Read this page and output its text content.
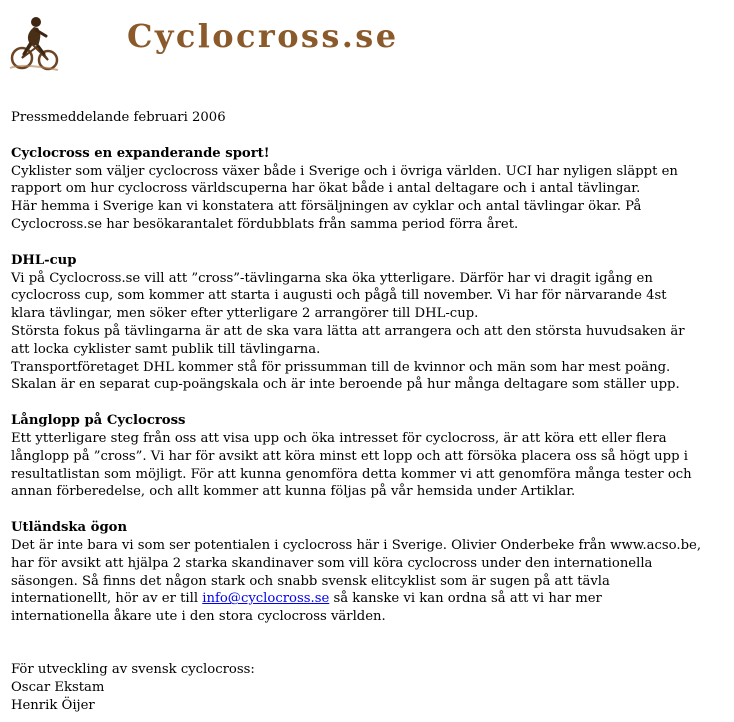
Cyclocross.se

Pressmeddelande februari 2006

Cyclocross en expanderande sport!

Cyklister som väljer cyclocross växer både i Sverige och i övriga världen. UCI har nyligen släppt en

rapport om hur cyclocross världscuperna har ökat både i antal deltagare och i antal tävlingar.

Här hemma i Sverige kan vi konstatera att försäljningen av cyklar och antal tävlingar ökar. På

Cyclocross.se har besökarantalet fördubblats från samma period förra året.

DHL-cup

Vi på Cyclocross.se vill att ”cross”-tävlingarna ska öka ytterligare. Därför har vi dragit igång en

cyclocross cup, som kommer att starta i augusti och pågå till november. Vi har för närvarande 4st

klara tävlingar, men söker efter ytterligare 2 arrangörer till DHL-cup.

Största fokus på tävlingarna är att de ska vara lätta att arrangera och att den största huvudsaken är

att locka cyklister samt publik till tävlingarna.

Transportföretaget DHL kommer stå för prissumman till de kvinnor och män som har mest poäng.

Skalan är en separat cup-poängskala och är inte beroende på hur många deltagare som ställer upp.

Långlopp på Cyclocross

Ett ytterligare steg från oss att visa upp och öka intresset för cyclocross, är att köra ett eller flera

långlopp på ”cross”. Vi har för avsikt att köra minst ett lopp och att försöka placera oss så högt upp i

resultatlistan som möjligt. För att kunna genomföra detta kommer vi att genomföra många tester och

annan förberedelse, och allt kommer att kunna följas på vår hemsida under Artiklar.

Utländska ögon

Det är inte bara vi som ser potentialen i cyclocross här i Sverige. Olivier Onderbeke från www.acso.be,

har för avsikt att hjälpa 2 starka skandinaver som vill köra cyclocross under den internationella

säsongen. Så finns det någon stark och snabb svensk elitcyklist som är sugen på att tävla

internationellt, hör av er till info@cyclocross.se så kanske vi kan ordna så att vi har mer

internationella åkare ute i den stora cyclocross världen.

För utveckling av svensk cyclocross:

Oscar Ekstam

Henrik Öijer
